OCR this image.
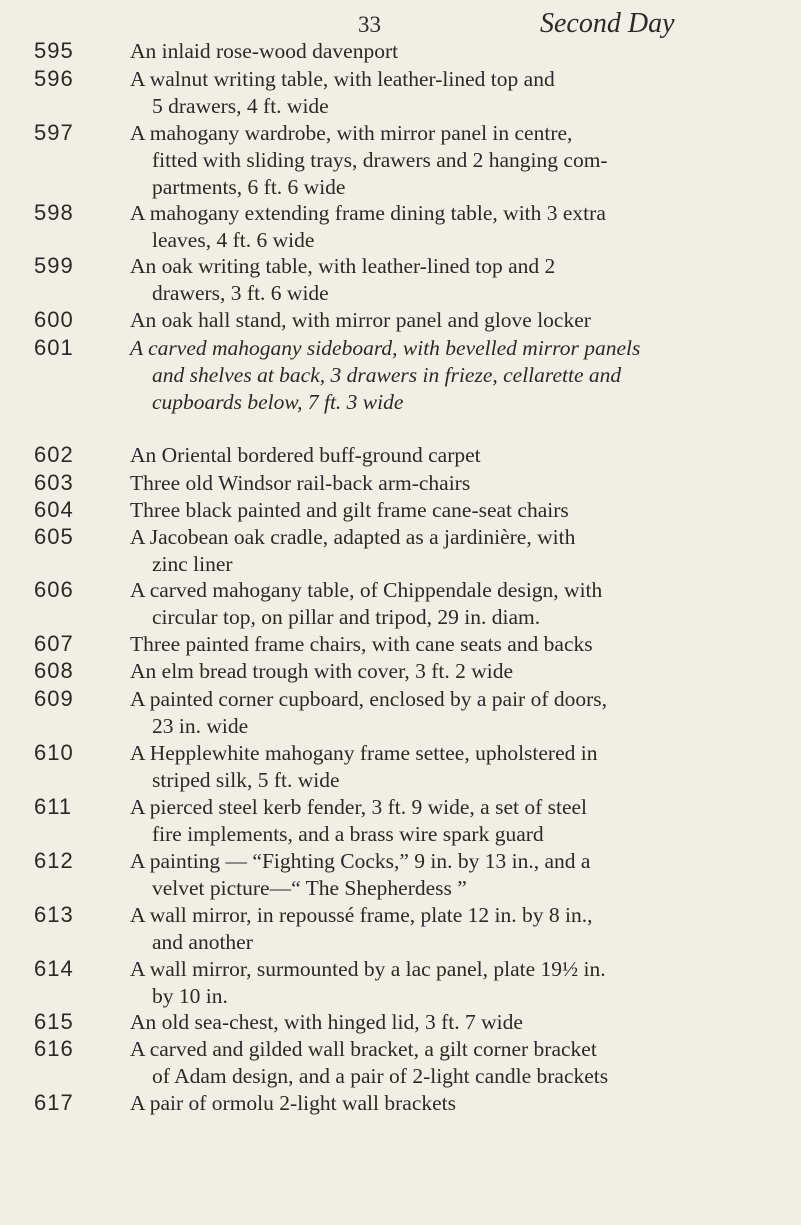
33	Second Day
595	An inlaid rose-wood davenport
596	A walnut writing table, with leather-lined top and

5 drawers, 4 ft. wide
597	A mahogany wardrobe, with mirror panel in centre,

fitted with sliding trays, drawers and 2 hanging com-
partments, 6 ft. 6 wide
598	A mahogany extending frame dining table, with 3 extra

leaves, 4 ft. 6 wide
599	An oak writing table, with leather-lined top and 2

drawers, 3 ft. 6 wide
600	An oak hall stand, with mirror panel and glove locker
601	A carved mahogany sideboard, with bevelled mirror panels

and shelves at back, 3 drawers in frieze, cellarette and
cupboards below, 7 ft. 3 wide
602	An Oriental bordered buff-ground carpet
603	Three old Windsor rail-back arm-chairs
604	Three black painted and gilt frame cane-seat chairs
605	A Jacobean oak cradle, adapted as a jardinière, with

zinc liner
606	A carved mahogany table, of Chippendale design, with

circular top, on pillar and tripod, 29 in. diam.
607	Three painted frame chairs, with cane seats and backs
608	An elm bread trough with cover, 3 ft. 2 wide
609	A painted corner cupboard, enclosed by a pair of doors,

23 in. wide
610	A Hepplewhite mahogany frame settee, upholstered in

striped silk, 5 ft. wide
611	A pierced steel kerb fender, 3 ft. 9 wide, a set of steel

fire implements, and a brass wire spark guard
612	A painting — “Fighting Cocks,” 9 in. by 13 in., and a

velvet picture—“ The Shepherdess ”
613	A wall mirror, in repoussé frame, plate 12 in. by 8 in.,

and another
614	A wall mirror, surmounted by a lac panel, plate 19½ in.

by 10 in.
615	An old sea-chest, with hinged lid, 3 ft. 7 wide
616	A carved and gilded wall bracket, a gilt corner bracket

of Adam design, and a pair of 2-light candle brackets
617	A pair of ormolu 2-light wall brackets
